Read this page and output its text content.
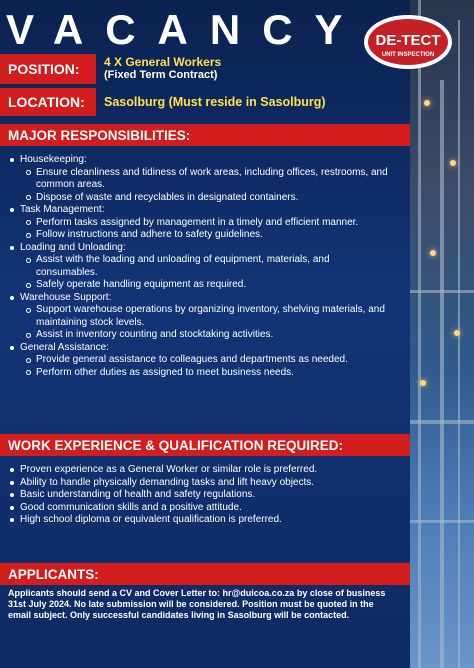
VACANCY DE-TECT
UNIT INSPECTION
POSITION:	4 X General Workers
(Fixed Term Contract)
LOCATION:	Sasolburg (Must reside in Sasolburg)
MAJOR RESPONSIBILITIES:
Housekeeping:
Ensure cleanliness and tidiness of work areas, including offices, restrooms, and common areas.
Dispose of waste and recyclables in designated containers.
Task Management:
Perform tasks assigned by management in a timely and efficient manner.
Follow instructions and adhere to safety guidelines.
Loading and Unloading:
Assist with the loading and unloading of equipment, materials, and consumables.
Safely operate handling equipment as required.
Warehouse Support:
Support warehouse operations by organizing inventory, shelving materials, and maintaining stock levels.
Assist in inventory counting and stocktaking activities.
General Assistance:
Provide general assistance to colleagues and departments as needed.
Perform other duties as assigned to meet business needs.
WORK EXPERIENCE & QUALIFICATION REQUIRED:
Proven experience as a General Worker or similar role is preferred.
Ability to handle physically demanding tasks and lift heavy objects.
Basic understanding of health and safety regulations.
Good communication skills and a positive attitude.
High school diploma or equivalent qualification is preferred.
APPLICANTS:
Applicants should send a CV and Cover Letter to: hr@duicoa.co.za by close of business 31st July 2024. No late submission will be considered. Position must be quoted in the email subject. Only successful candidates living in Sasolburg will be contacted.
